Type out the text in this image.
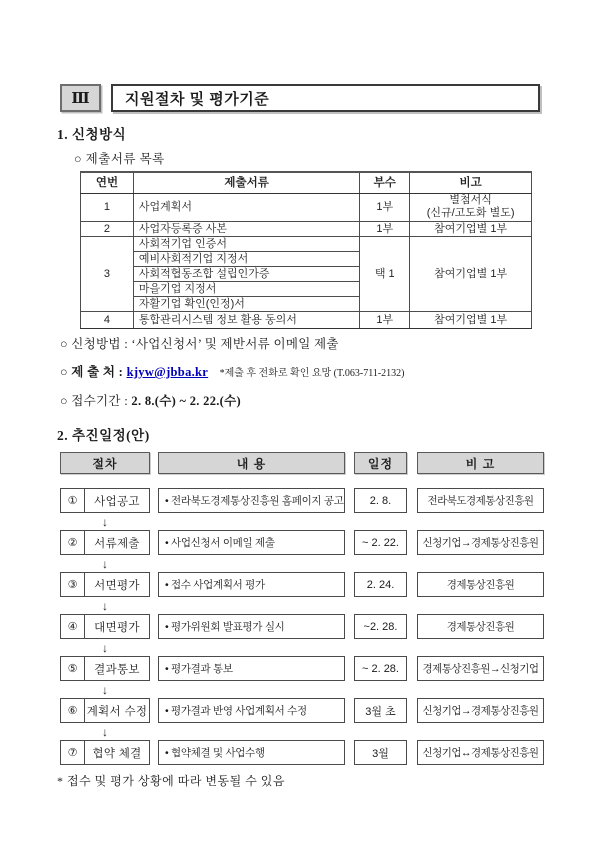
Ⅲ	지원절차 및 평가기준
1. 신청방식
○ 제출서류 목록
연번	제출서류	부수	비고
1	사업계획서	1부	별첨서식
(신규/고도화 별도)

2	사업자등록증 사본	1부	참여기업별 1부
3	사회적기업 인증서	택 1	참여기업별 1부
	예비사회적기업 지정서		
	사회적협동조합 설립인가증		
	마을기업 지정서		
	자활기업 확인(인정)서		
4	통합관리시스템 정보 활용 동의서	1부	참여기업별 1부
○ 신청방법 : ‘사업신청서’ 및 제반서류 이메일 제출
○ 제 출 처 : kjyw@jbba.kr *제출 후 전화로 확인 요망 (T.063-711-2132)
○ 접수기간 : 2. 8.(수) ~ 2. 22.(수)
2. 추진일정(안)
절차	내 용	일정	비 고
①	사업공고	• 전라북도경제통상진흥원 홈페이지 공고	2. 8.	전라북도경제통상진흥원
↓
②	서류제출	• 사업신청서 이메일 제출	~ 2. 22.	신청기업→경제통상진흥원
↓
③	서면평가	• 접수 사업계획서 평가	2. 24.	경제통상진흥원
↓
④	대면평가	• 평가위원회 발표평가 실시	~2. 28.	경제통상진흥원
↓
⑤	결과통보	• 평가결과 통보	~ 2. 28.	경제통상진흥원→신청기업
↓
⑥ 계획서 수정	• 평가결과 반영 사업계획서 수정	3월 초	신청기업→경제통상진흥원
↓
⑦	협약 체결	• 협약체결 및 사업수행	3월	신청기업↔경제통상진흥원
* 접수 및 평가 상황에 따라 변동될 수 있음
